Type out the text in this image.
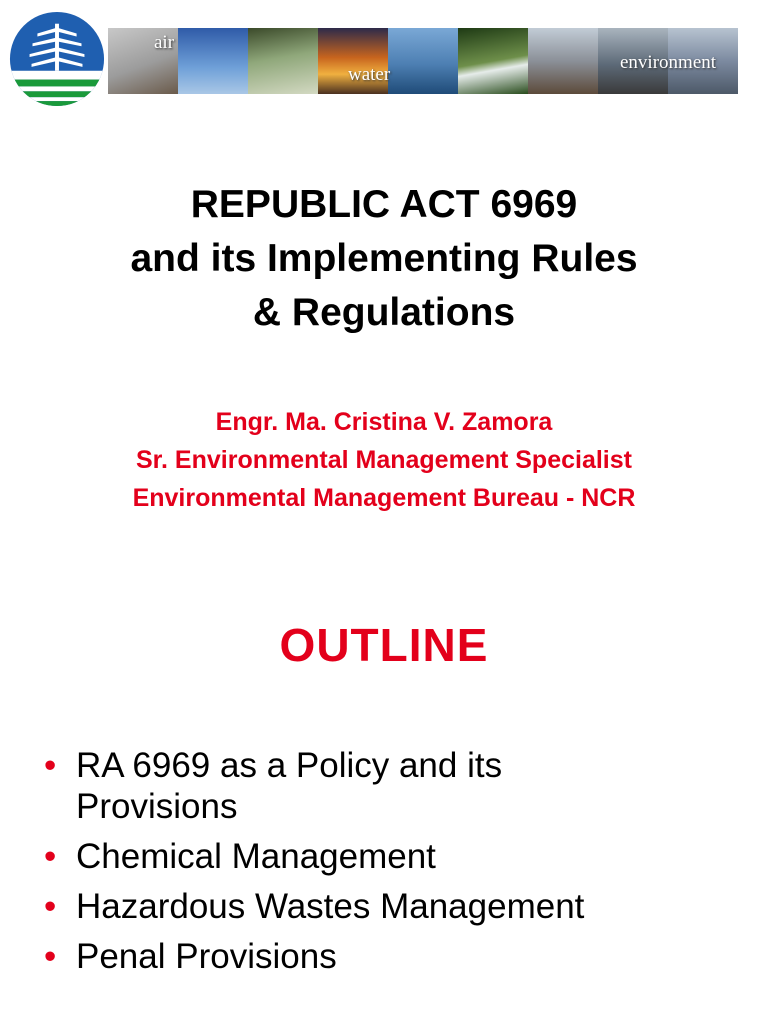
air
water
environment
REPUBLIC ACT 6969
and its Implementing Rules
& Regulations
Engr. Ma. Cristina V. Zamora
Sr. Environmental Management Specialist
Environmental Management Bureau - NCR
OUTLINE
• RA 6969 as a Policy and its
Provisions
• Chemical Management
• Hazardous Wastes Management
• Penal Provisions
